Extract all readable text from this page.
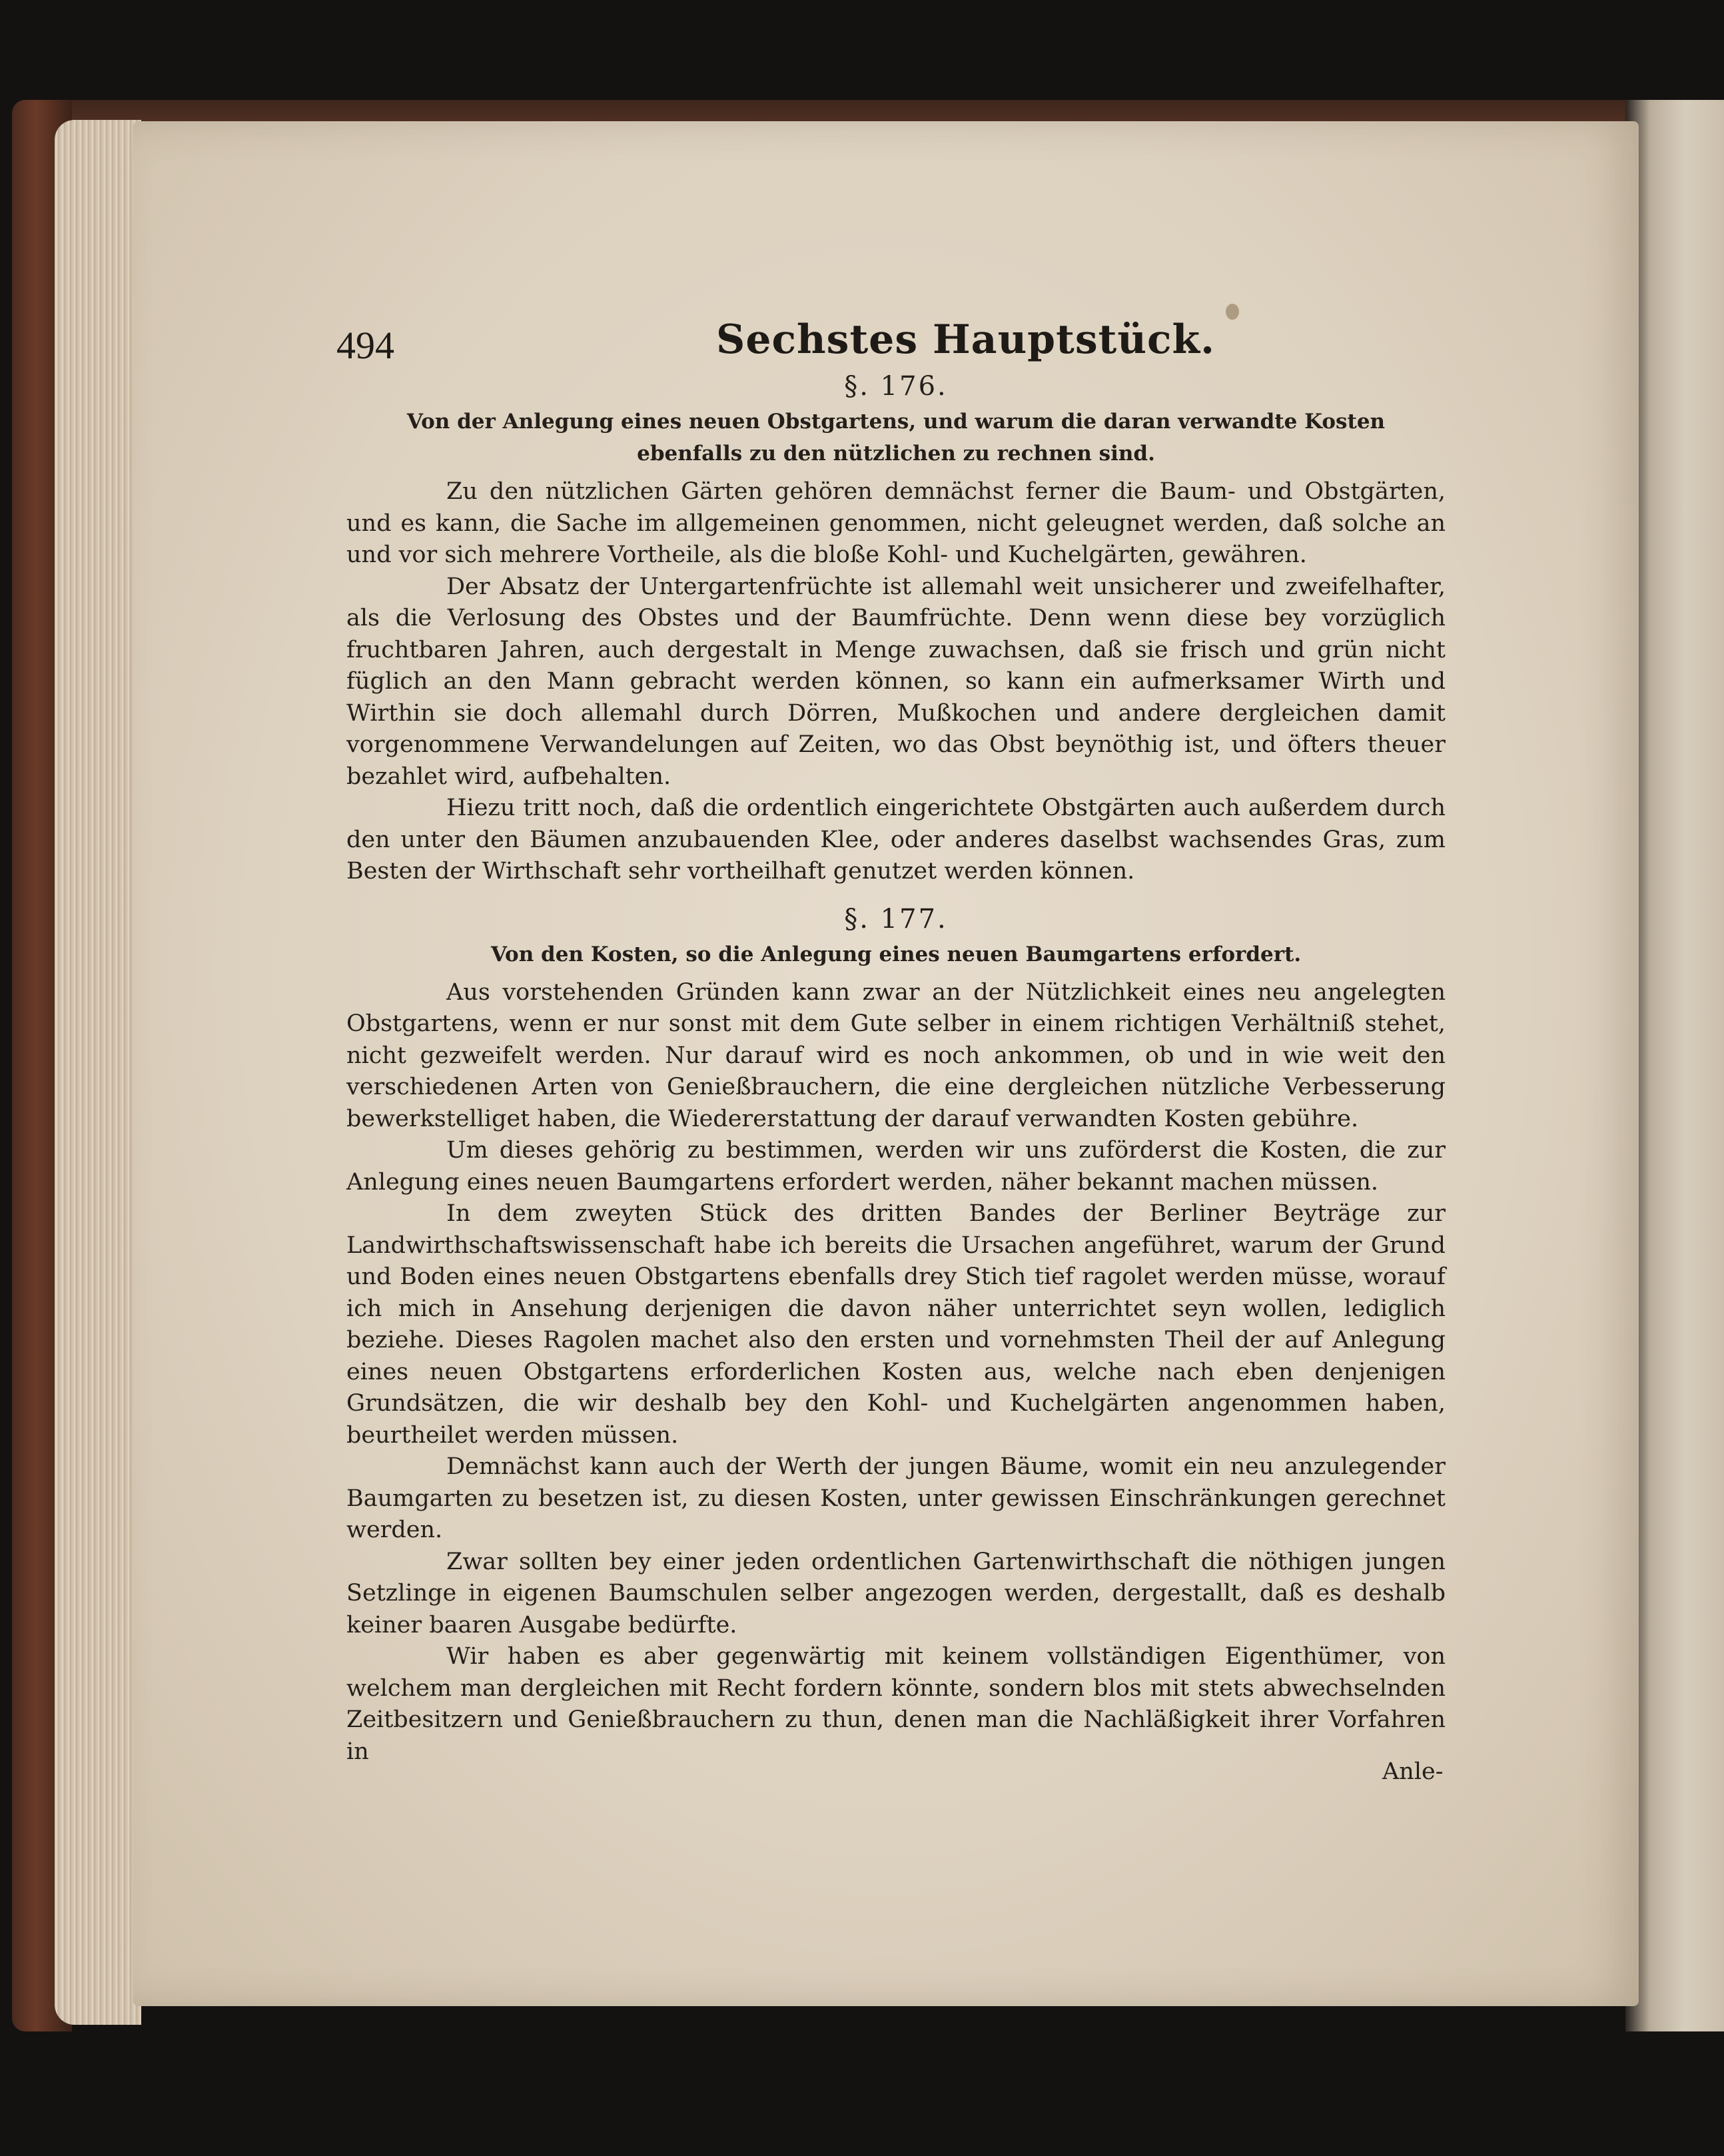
494	Sechstes Hauptstück.
§. 176.
Von der Anlegung eines neuen Obstgartens, und warum die daran verwandte Kosten ebenfalls zu den nützlichen zu rechnen sind.

Zu den nützlichen Gärten gehören demnächst ferner die Baum- und Obstgärten, und es kann, die Sache im allgemeinen genommen, nicht geleugnet werden, daß solche an und vor sich mehrere Vortheile, als die bloße Kohl- und Kuchelgärten, gewähren.

Der Absatz der Untergartenfrüchte ist allemahl weit unsicherer und zweifelhafter, als die Verlosung des Obstes und der Baumfrüchte. Denn wenn diese bey vorzüglich fruchtbaren Jahren, auch dergestalt in Menge zuwachsen, daß sie frisch und grün nicht füglich an den Mann gebracht werden können, so kann ein aufmerksamer Wirth und Wirthin sie doch allemahl durch Dörren, Mußkochen und andere dergleichen damit vorgenommene Verwandelungen auf Zeiten, wo das Obst beynöthig ist, und öfters theuer bezahlet wird, aufbehalten.

Hiezu tritt noch, daß die ordentlich eingerichtete Obstgärten auch außerdem durch den unter den Bäumen anzubauenden Klee, oder anderes daselbst wachsendes Gras, zum Besten der Wirthschaft sehr vortheilhaft genutzet werden können.

§. 177.
Von den Kosten, so die Anlegung eines neuen Baumgartens erfordert.

Aus vorstehenden Gründen kann zwar an der Nützlichkeit eines neu angelegten Obstgartens, wenn er nur sonst mit dem Gute selber in einem richtigen Verhältniß stehet, nicht gezweifelt werden. Nur darauf wird es noch ankommen, ob und in wie weit den verschiedenen Arten von Genießbrauchern, die eine dergleichen nützliche Verbesserung bewerkstelliget haben, die Wiedererstattung der darauf verwandten Kosten gebühre.

Um dieses gehörig zu bestimmen, werden wir uns zuförderst die Kosten, die zur Anlegung eines neuen Baumgartens erfordert werden, näher bekannt machen müssen.

In dem zweyten Stück des dritten Bandes der Berliner Beyträge zur Landwirthschaftswissenschaft habe ich bereits die Ursachen angeführet, warum der Grund und Boden eines neuen Obstgartens ebenfalls drey Stich tief ragolet werden müsse, worauf ich mich in Ansehung derjenigen die davon näher unterrichtet seyn wollen, lediglich beziehe. Dieses Ragolen machet also den ersten und vornehmsten Theil der auf Anlegung eines neuen Obstgartens erforderlichen Kosten aus, welche nach eben denjenigen Grundsätzen, die wir deshalb bey den Kohl- und Kuchelgärten angenommen haben, beurtheilet werden müssen.

Demnächst kann auch der Werth der jungen Bäume, womit ein neu anzulegender Baumgarten zu besetzen ist, zu diesen Kosten, unter gewissen Einschränkungen gerechnet werden.

Zwar sollten bey einer jeden ordentlichen Gartenwirthschaft die nöthigen jungen Setzlinge in eigenen Baumschulen selber angezogen werden, dergestallt, daß es deshalb keiner baaren Ausgabe bedürfte.

Wir haben es aber gegenwärtig mit keinem vollständigen Eigenthümer, von welchem man dergleichen mit Recht fordern könnte, sondern blos mit stets abwechselnden Zeitbesitzern und Genießbrauchern zu thun, denen man die Nachläßigkeit ihrer Vorfahren in

Anle-
